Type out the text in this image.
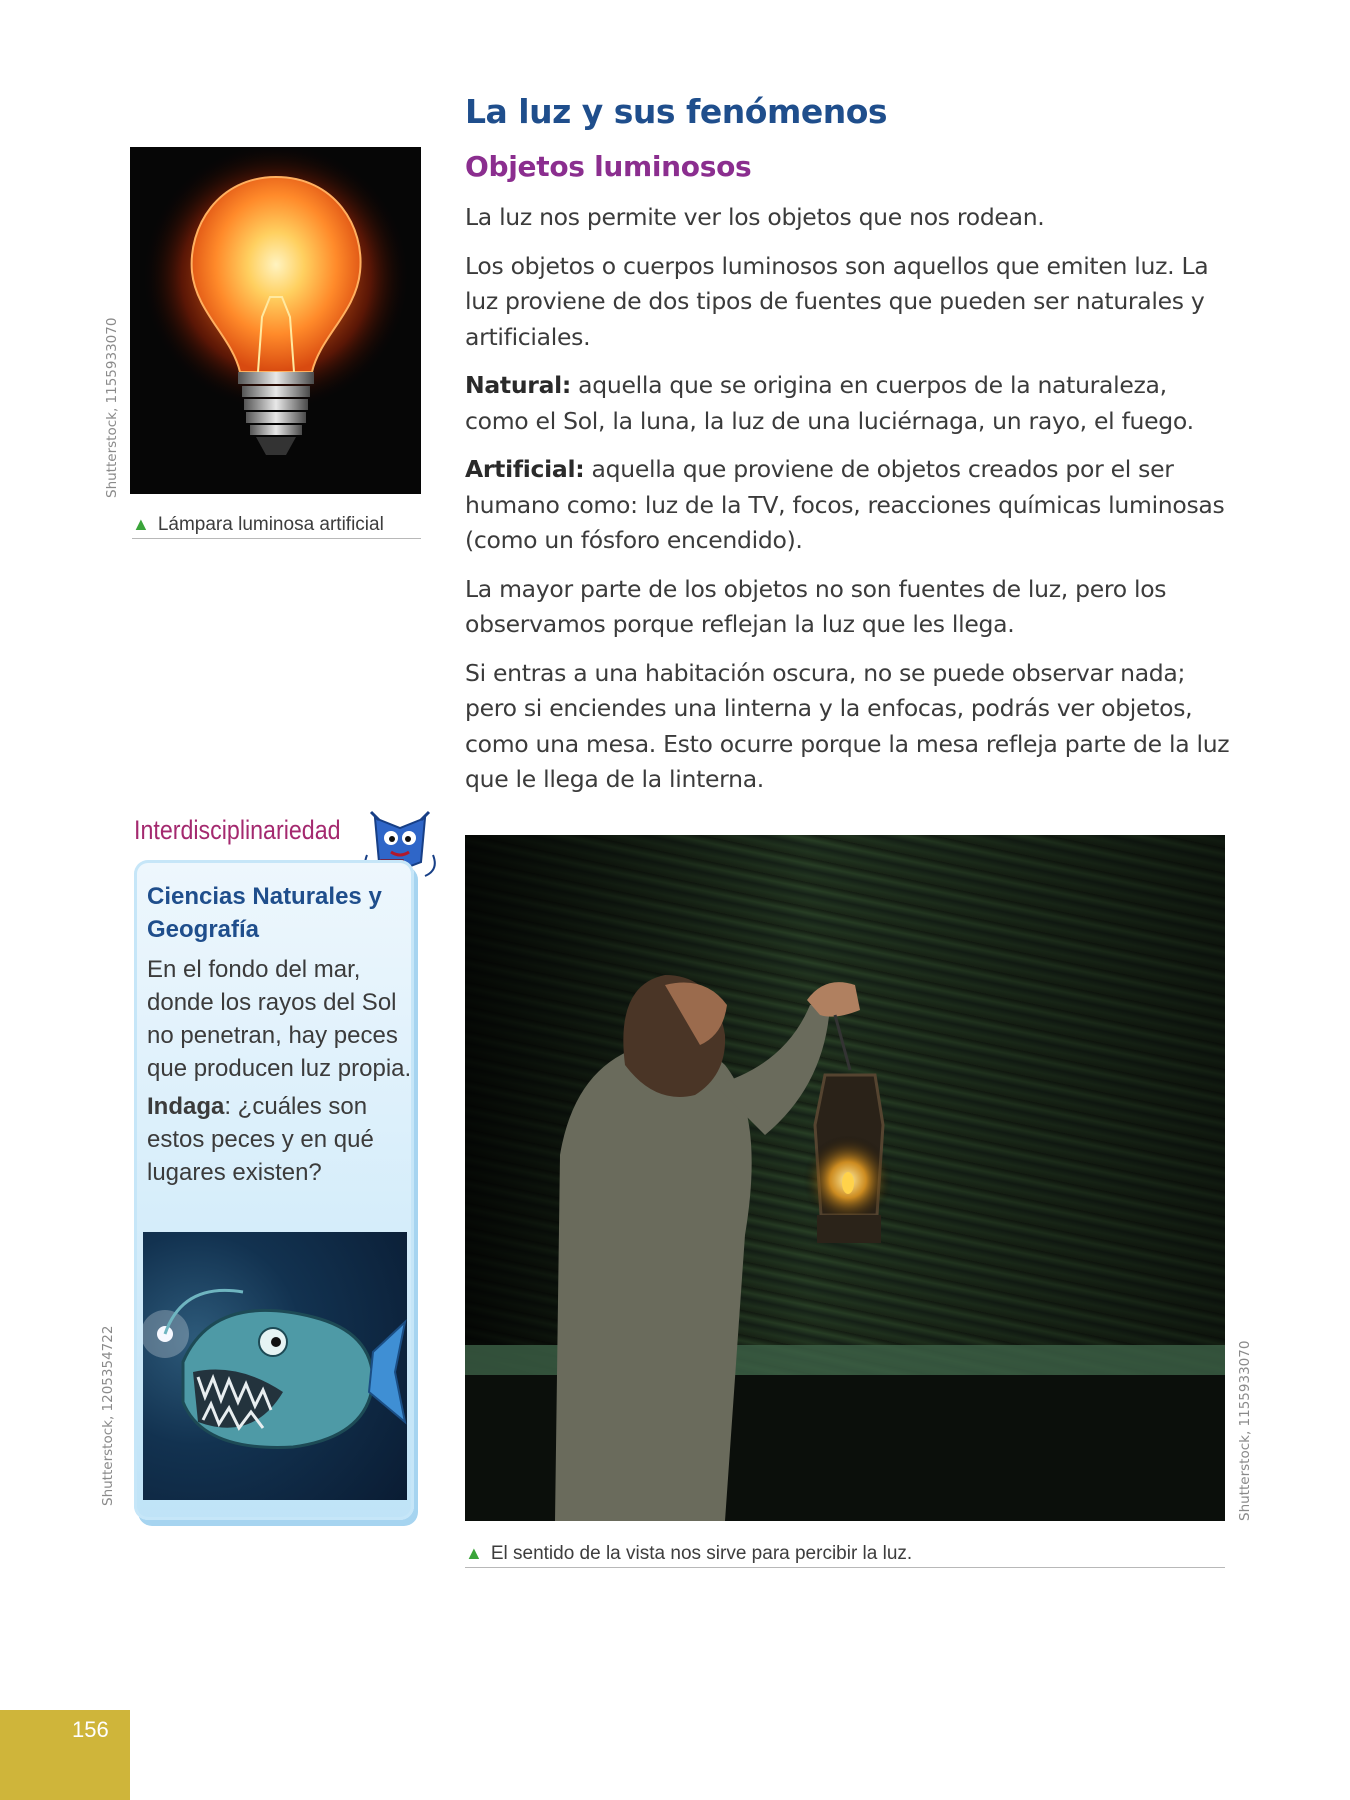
La luz y sus fenómenos
Objetos luminosos

La luz nos permite ver los objetos que nos rodean.

Los objetos o cuerpos luminosos son aquellos que emiten luz. La luz proviene de dos tipos de fuentes que pueden ser naturales y artificiales.

Natural: aquella que se origina en cuerpos de la naturaleza, como el Sol, la luna, la luz de una luciérnaga, un rayo, el fuego.

Artificial: aquella que proviene de objetos creados por el ser humano como: luz de la TV, focos, reacciones químicas luminosas (como un fósforo encendido).

La mayor parte de los objetos no son fuentes de luz, pero los observamos porque reflejan la luz que les llega.

Si entras a una habitación oscura, no se puede observar nada; pero si enciendes una linterna y la enfocas, podrás ver objetos, como una mesa. Esto ocurre porque la mesa refleja parte de la luz que le llega de la linterna.

Shutterstock, 1155933070
▲ Lámpara luminosa artificial
Interdisciplinariedad
Ciencias Naturales y Geografía

En el fondo del mar, donde los rayos del Sol no penetran, hay peces que producen luz propia.

Indaga: ¿cuáles son estos peces y en qué lugares existen?

Shutterstock, 1205354722	Shutterstock, 1155933070
▲ El sentido de la vista nos sirve para percibir la luz.
156
